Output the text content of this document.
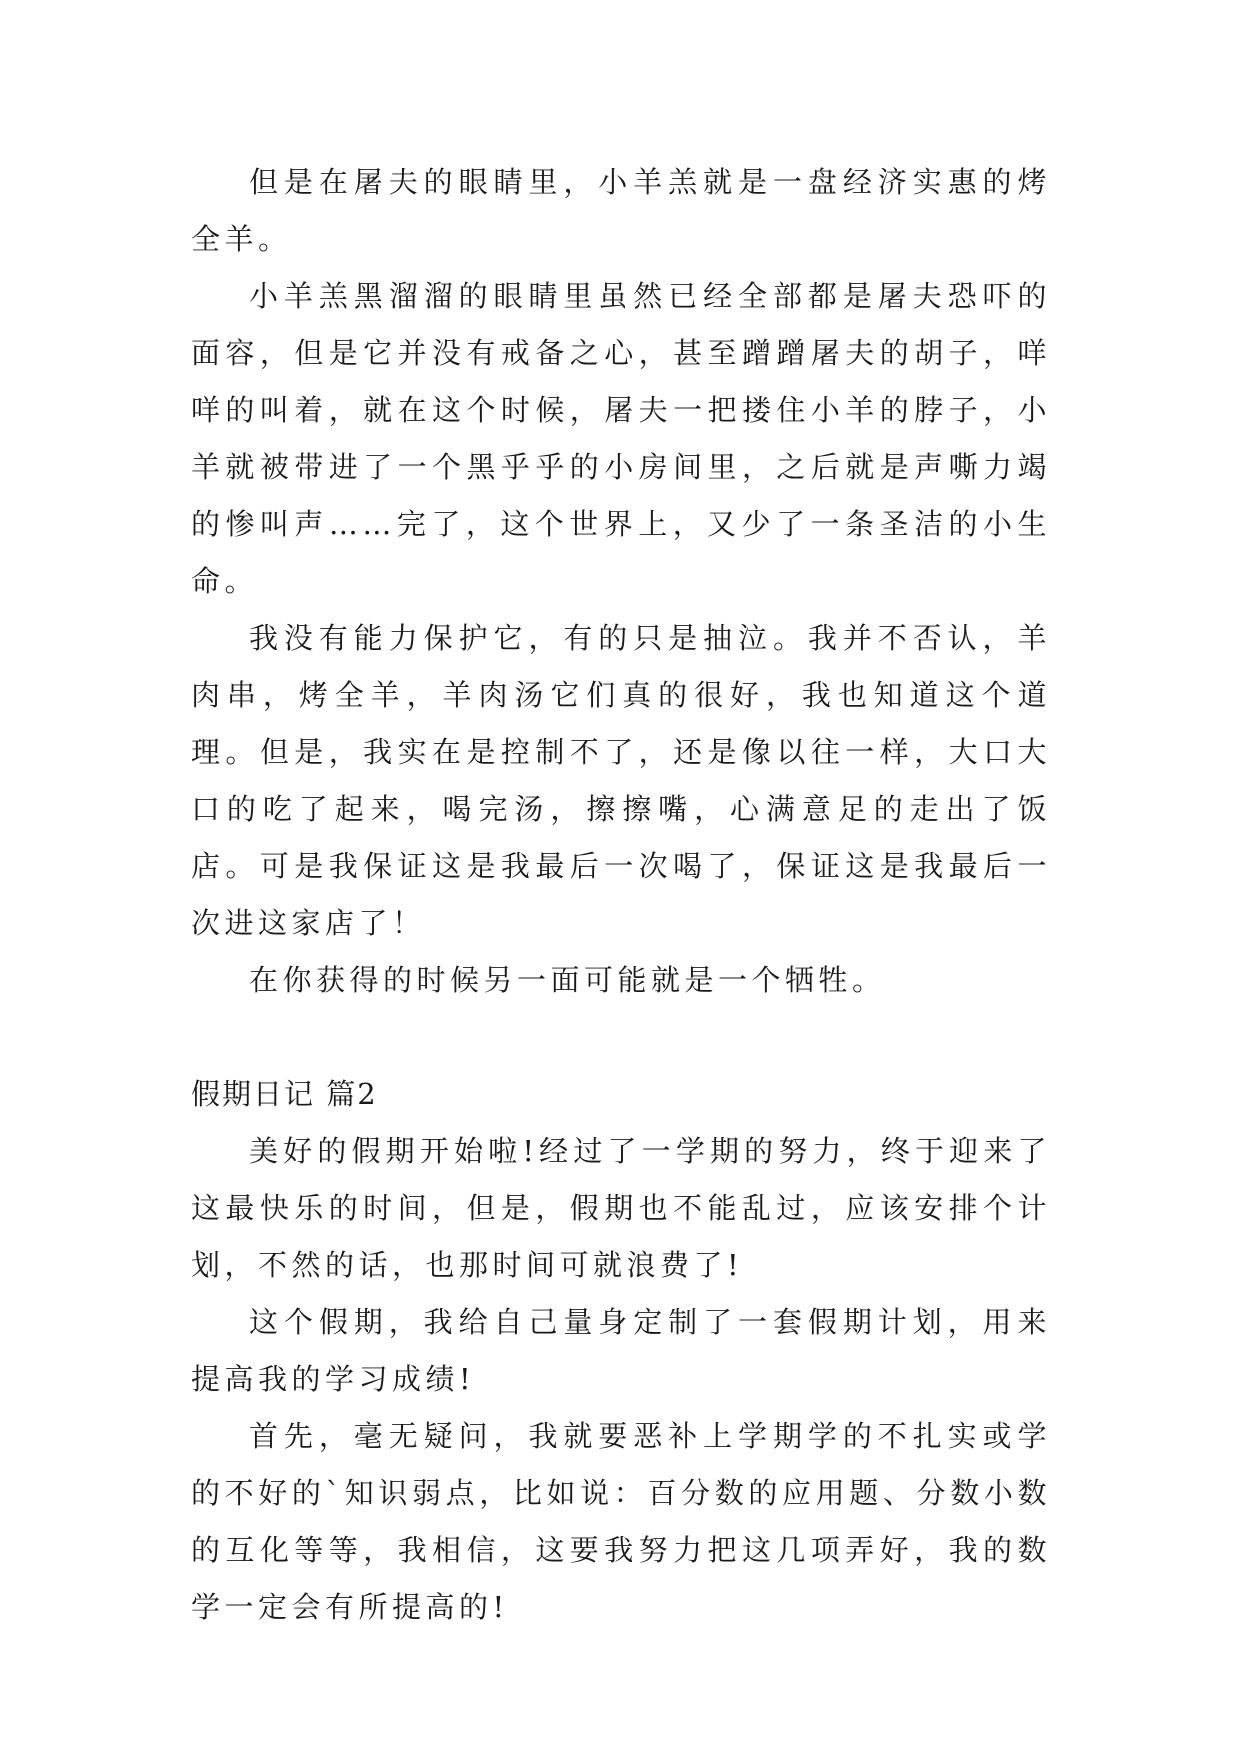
但是在屠夫的眼睛里，小羊羔就是一盘经济实惠的烤全羊。

小羊羔黑溜溜的眼睛里虽然已经全部都是屠夫恐吓的面容，但是它并没有戒备之心，甚至蹭蹭屠夫的胡子，咩咩的叫着，就在这个时候，屠夫一把搂住小羊的脖子，小羊就被带进了一个黑乎乎的小房间里，之后就是声嘶力竭的惨叫声……完了，这个世界上，又少了一条圣洁的小生命。

我没有能力保护它，有的只是抽泣。我并不否认，羊肉串，烤全羊，羊肉汤它们真的很好，我也知道这个道理。但是，我实在是控制不了，还是像以往一样，大口大口的吃了起来，喝完汤，擦擦嘴，心满意足的走出了饭店。可是我保证这是我最后一次喝了，保证这是我最后一次进这家店了！

在你获得的时候另一面可能就是一个牺牲。

假期日记 篇2

美好的假期开始啦!经过了一学期的努力，终于迎来了这最快乐的时间，但是，假期也不能乱过，应该安排个计划，不然的话，也那时间可就浪费了!

这个假期，我给自己量身定制了一套假期计划，用来提高我的学习成绩!

首先，毫无疑问，我就要恶补上学期学的不扎实或学的不好的`知识弱点，比如说：百分数的应用题、分数小数的互化等等，我相信，这要我努力把这几项弄好，我的数学一定会有所提高的!
